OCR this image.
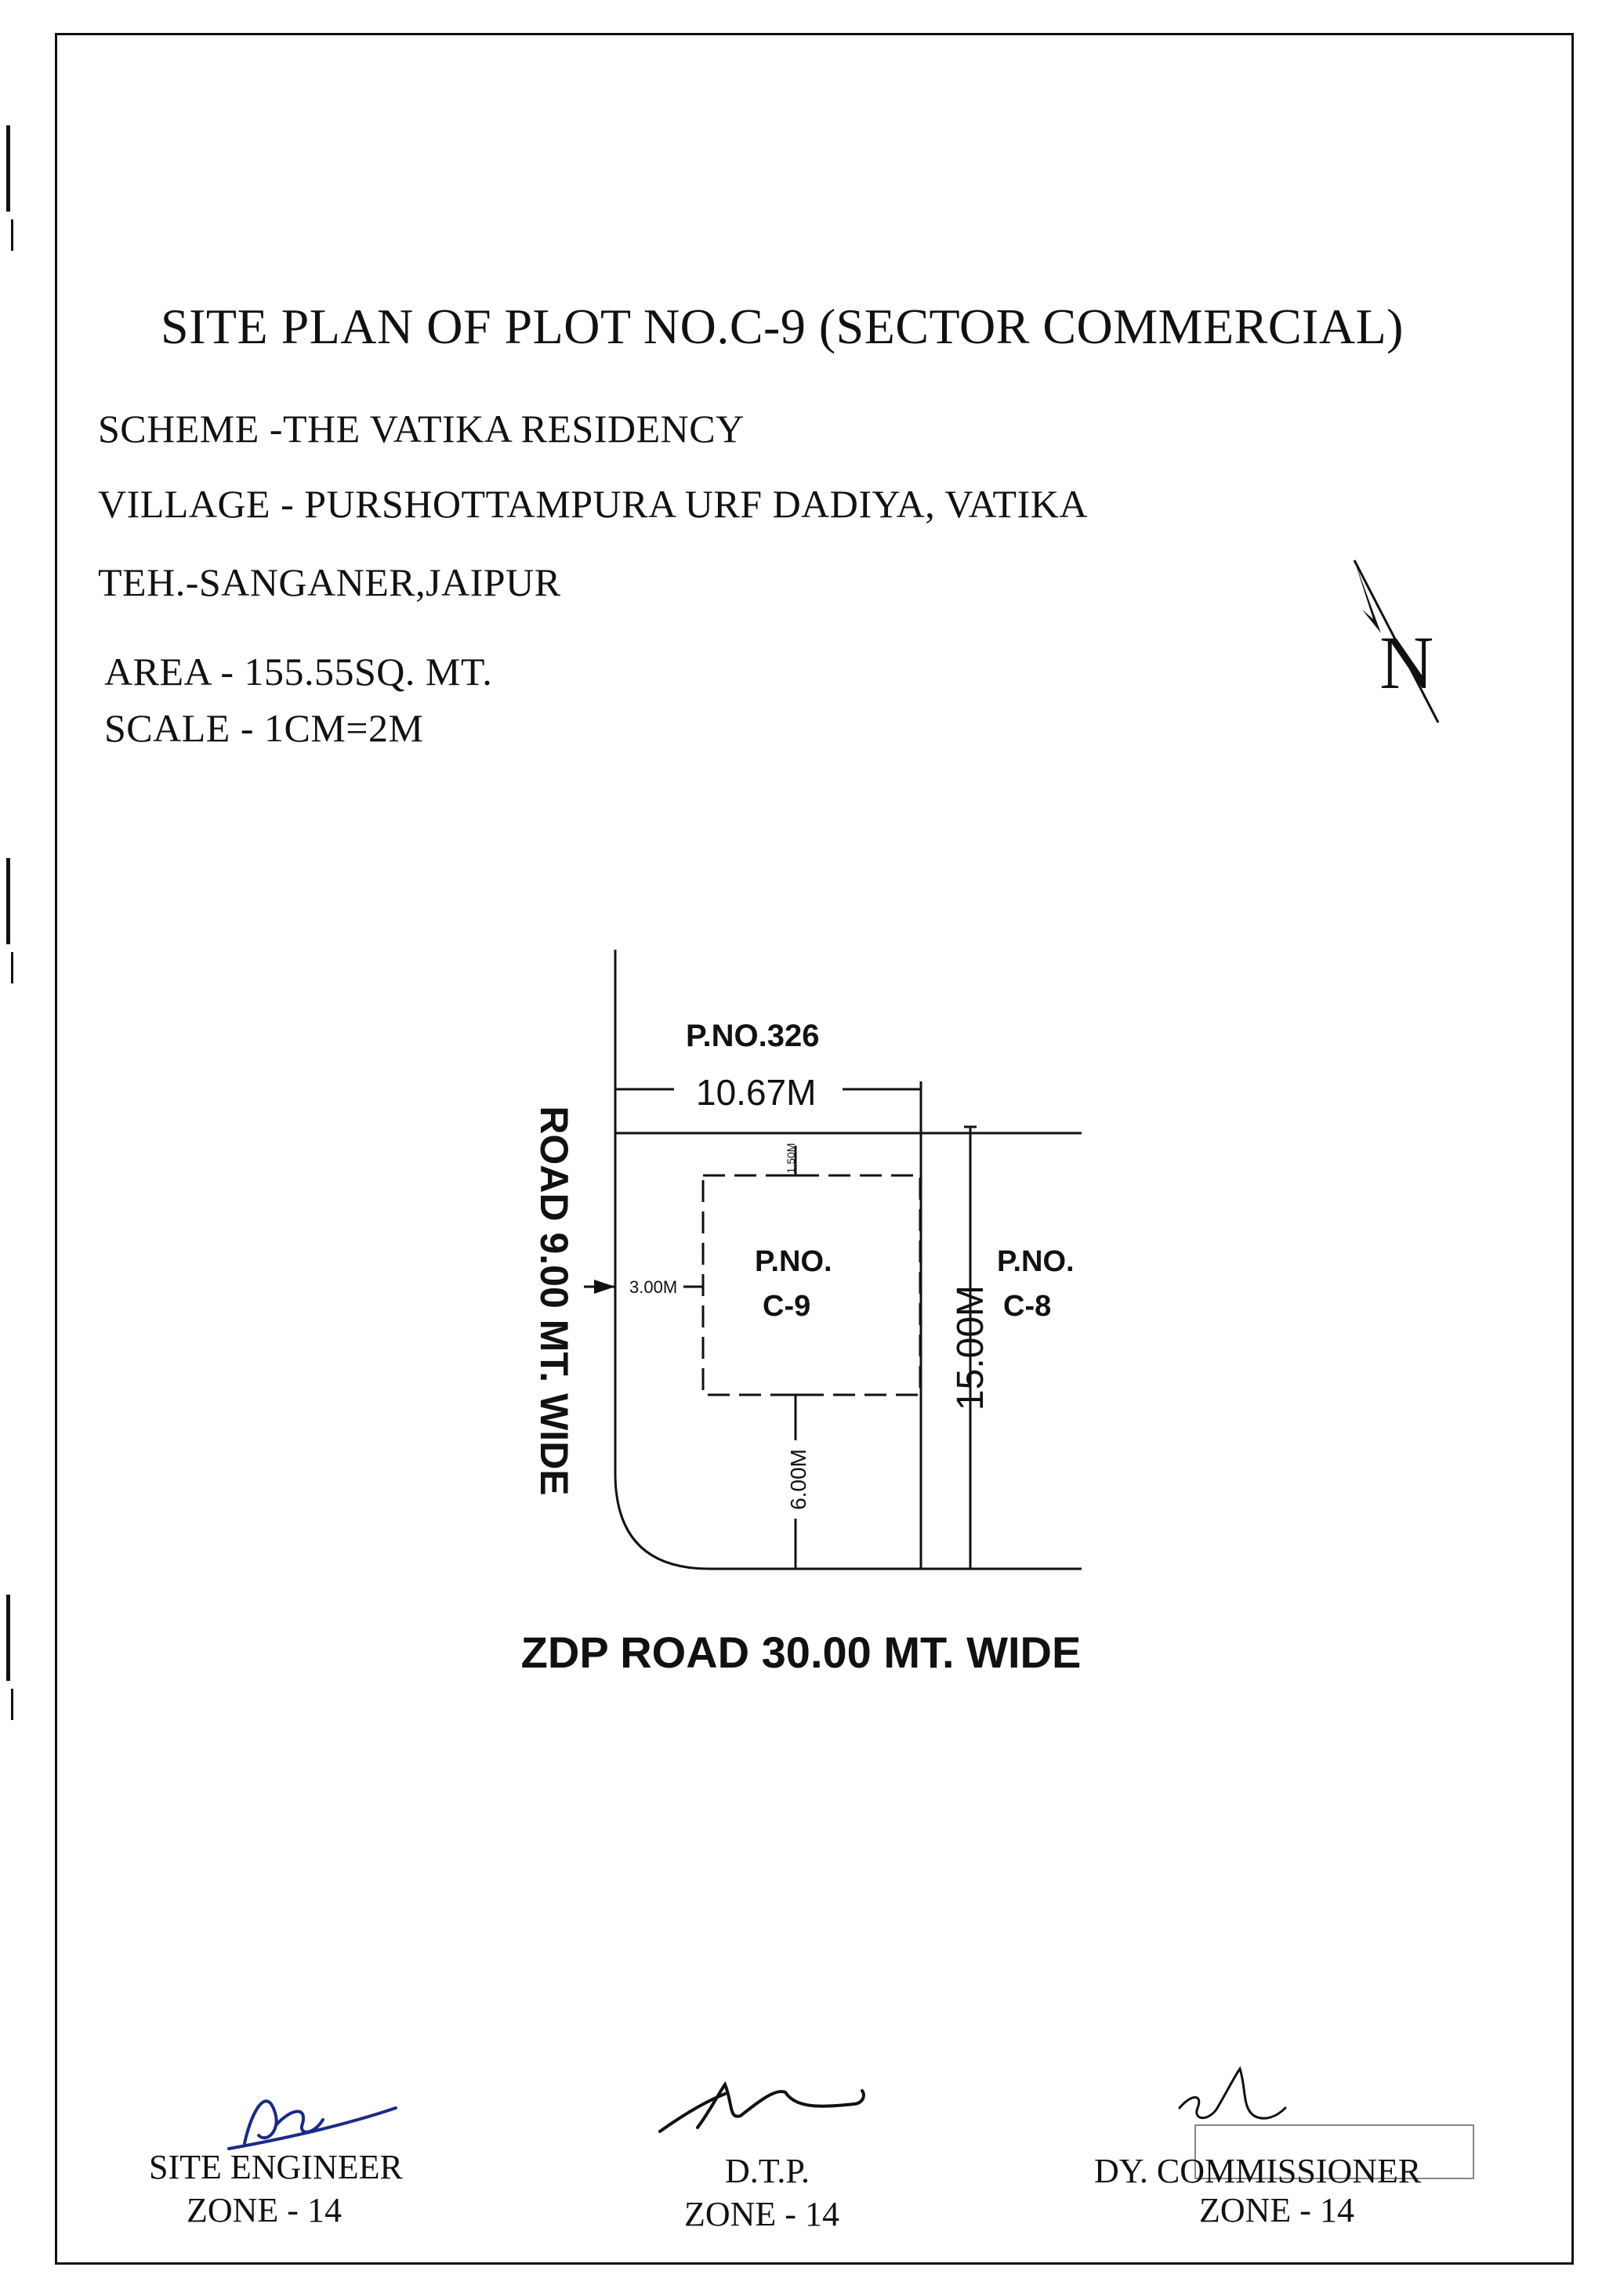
SITE PLAN OF PLOT NO.C-9 (SECTOR COMMERCIAL)
SCHEME -THE VATIKA RESIDENCY
VILLAGE - PURSHOTTAMPURA URF DADIYA, VATIKA
TEH.-SANGANER,JAIPUR
AREA - 155.55SQ. MT.
SCALE - 1CM=2M
N
P.NO.326
10.67M
1.50M
3.00M
P.NO.
C-9
P.NO.
C-8
15.00M
6.00M
ROAD 9.00 MT. WIDE
ZDP ROAD 30.00 MT. WIDE
SITE ENGINEER
ZONE - 14
D.T.P.
ZONE - 14
DY. COMMISSIONER
ZONE - 14
